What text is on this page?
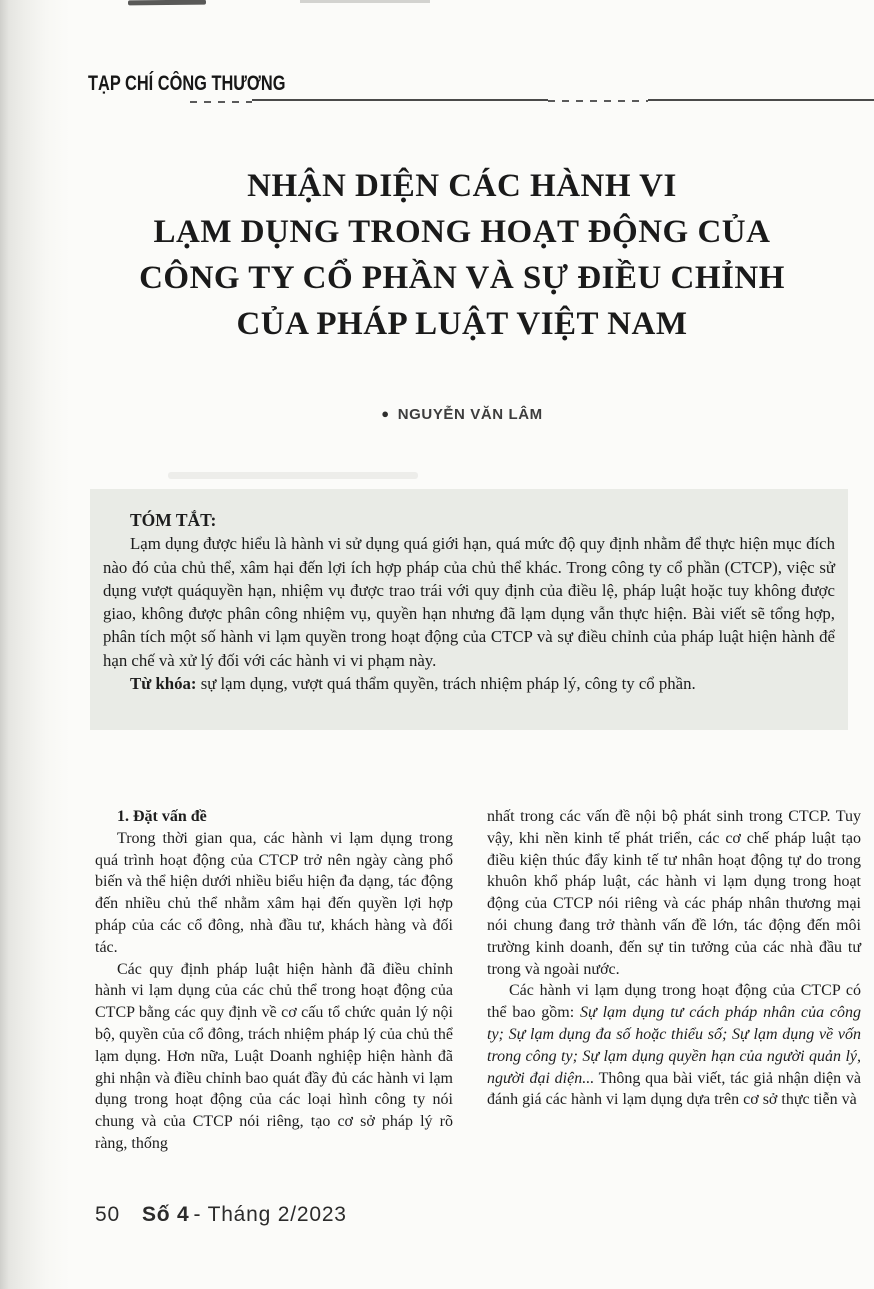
TẠP CHÍ CÔNG THƯƠNG
NHẬN DIỆN CÁC HÀNH VI
LẠM DỤNG TRONG HOẠT ĐỘNG CỦA
CÔNG TY CỔ PHẦN VÀ SỰ ĐIỀU CHỈNH
CỦA PHÁP LUẬT VIỆT NAM
● NGUYỄN VĂN LÂM

TÓM TẮT:

Lạm dụng được hiểu là hành vi sử dụng quá giới hạn, quá mức độ quy định nhằm để thực hiện mục đích nào đó của chủ thể, xâm hại đến lợi ích hợp pháp của chủ thể khác. Trong công ty cổ phần (CTCP), việc sử dụng vượt quáquyền hạn, nhiệm vụ được trao trái với quy định của điều lệ, pháp luật hoặc tuy không được giao, không được phân công nhiệm vụ, quyền hạn nhưng đã lạm dụng vẫn thực hiện. Bài viết sẽ tổng hợp, phân tích một số hành vi lạm quyền trong hoạt động của CTCP và sự điều chỉnh của pháp luật hiện hành để hạn chế và xử lý đối với các hành vi vi phạm này.

Từ khóa: sự lạm dụng, vượt quá thẩm quyền, trách nhiệm pháp lý, công ty cổ phần.

1. Đặt vấn đề

Trong thời gian qua, các hành vi lạm dụng trong quá trình hoạt động của CTCP trở nên ngày càng phổ biến và thể hiện dưới nhiều biểu hiện đa dạng, tác động đến nhiều chủ thể nhằm xâm hại đến quyền lợi hợp pháp của các cổ đông, nhà đầu tư, khách hàng và đối tác.

Các quy định pháp luật hiện hành đã điều chỉnh hành vi lạm dụng của các chủ thể trong hoạt động của CTCP bằng các quy định về cơ cấu tổ chức quản lý nội bộ, quyền của cổ đông, trách nhiệm pháp lý của chủ thể lạm dụng. Hơn nữa, Luật Doanh nghiệp hiện hành đã ghi nhận và điều chỉnh bao quát đầy đủ các hành vi lạm dụng trong hoạt động của các loại hình công ty nói chung và của CTCP nói riêng, tạo cơ sở pháp lý rõ ràng, thống

nhất trong các vấn đề nội bộ phát sinh trong CTCP. Tuy vậy, khi nền kinh tế phát triển, các cơ chế pháp luật tạo điều kiện thúc đẩy kinh tế tư nhân hoạt động tự do trong khuôn khổ pháp luật, các hành vi lạm dụng trong hoạt động của CTCP nói riêng và các pháp nhân thương mại nói chung đang trở thành vấn đề lớn, tác động đến môi trường kinh doanh, đến sự tin tưởng của các nhà đầu tư trong và ngoài nước.

Các hành vi lạm dụng trong hoạt động của CTCP có thể bao gồm: Sự lạm dụng tư cách pháp nhân của công ty; Sự lạm dụng đa số hoặc thiểu số; Sự lạm dụng về vốn trong công ty; Sự lạm dụng quyền hạn của người quản lý, người đại diện... Thông qua bài viết, tác giả nhận diện và đánh giá các hành vi lạm dụng dựa trên cơ sở thực tiễn và

50 Số 4 - Tháng 2/2023
